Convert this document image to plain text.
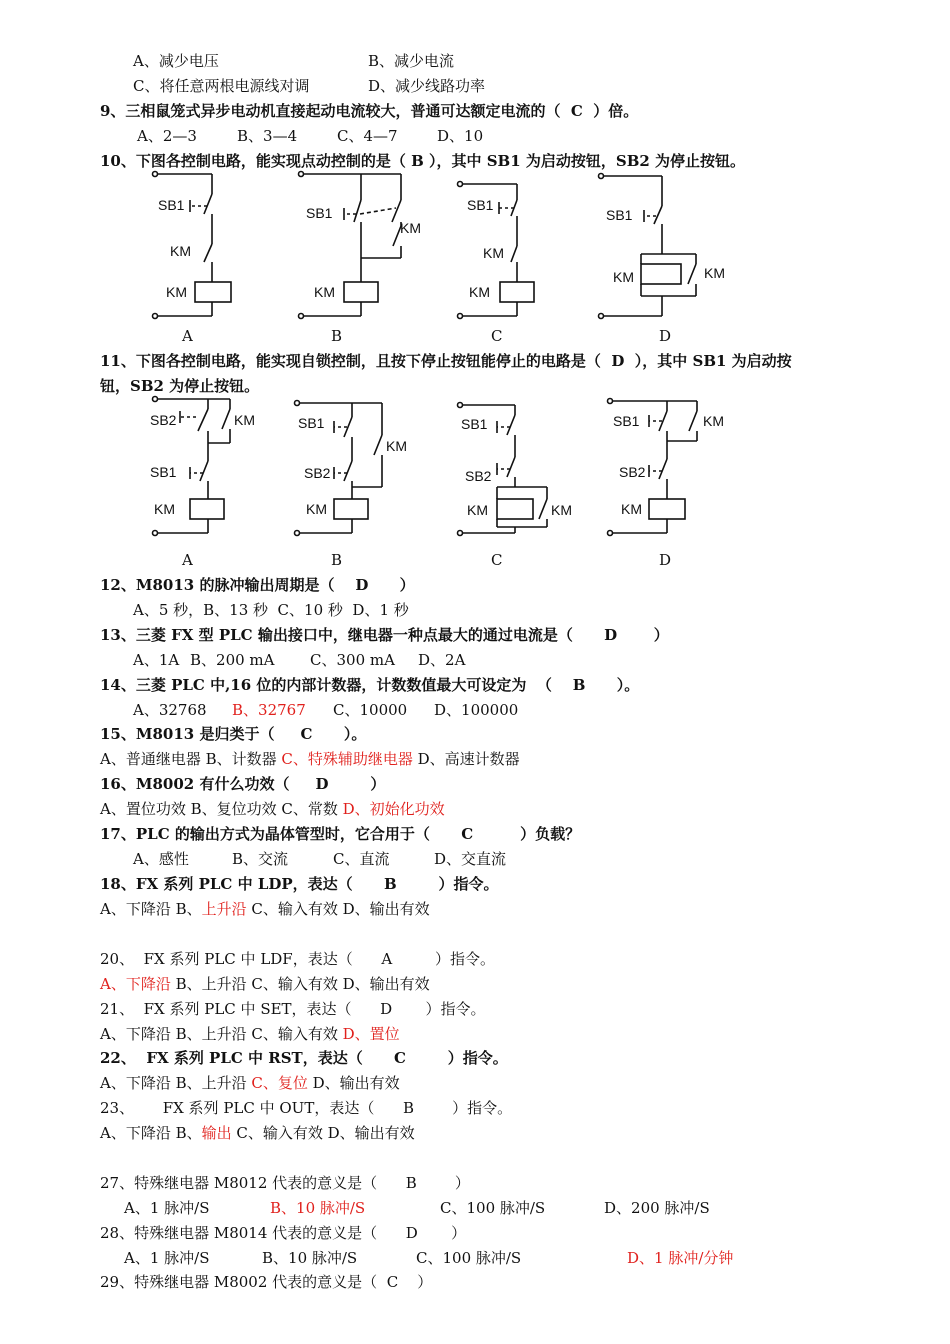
A、减少电压	B、减少电流
C、将任意两根电源线对调	D、减少线路功率
9、三相鼠笼式异步电动机直接起动电流较大，普通可达额定电流的（  C  ）倍。
A、2—3	B、3—4	C、4—7	D、10
10、下图各控制电路，能实现点动控制的是（ B ），其中 SB1 为启动按钮，SB2 为停止按钮。
SB1
KM
KM
SB1
KM
KM
SB1
KM
KM
SB1
KM	KM
A	B	C	D
11、下图各控制电路，能实现自锁控制，且按下停止按钮能停止的电路是（  D  ），其中 SB1 为启动按
钮，SB2 为停止按钮。
SB2	KM
SB1
KM
SB1
KM
SB2
KM
SB1
SB2
KM	KM
SB1	KM
SB2
KM
A	B	C	D
12、M8013 的脉冲输出周期是（    D      ）
A、5 秒，B、13 秒  C、10 秒  D、1 秒
13、三菱 FX 型 PLC 输出接口中，继电器一种点最大的通过电流是（      D       ）
A、1A B、200 mA C、300 mA D、2A
14、三菱 PLC 中,16 位的内部计数器，计数数值最大可设定为  （    B      ）。
A、32768 B、32767 C、10000 D、100000
15、M8013 是归类于（     C      ）。
A、普通继电器 B、计数器 C、特殊辅助继电器 D、高速计数器
16、M8002 有什么功效（     D        ）
A、置位功效 B、复位功效 C、常数 D、初始化功效
17、PLC 的输出方式为晶体管型时，它合用于（      C         ）负载？
A、感性	B、交流	C、直流	D、交直流
18、FX 系列 PLC 中 LDP，表达（      B        ）指令。
A、下降沿 B、上升沿 C、输入有效 D、输出有效
20、  FX 系列 PLC 中 LDF，表达（      A         ）指令。
A、下降沿 B、上升沿 C、输入有效 D、输出有效
21、  FX 系列 PLC 中 SET，表达（      D       ）指令。
A、下降沿 B、上升沿 C、输入有效 D、置位
22、  FX 系列 PLC 中 RST，表达（      C        ）指令。
A、下降沿 B、上升沿 C、复位 D、输出有效
23、      FX 系列 PLC 中 OUT，表达（      B        ）指令。
A、下降沿 B、输出 C、输入有效 D、输出有效
27、特殊继电器 M8012 代表的意义是（      B        ）
A、1 脉冲/S	B、10 脉冲/S	C、100 脉冲/S	D、200 脉冲/S
28、特殊继电器 M8014 代表的意义是（      D       ）
A、1 脉冲/S	B、10 脉冲/S	C、100 脉冲/S	D、1 脉冲/分钟
29、特殊继电器 M8002 代表的意义是（  C    ）
